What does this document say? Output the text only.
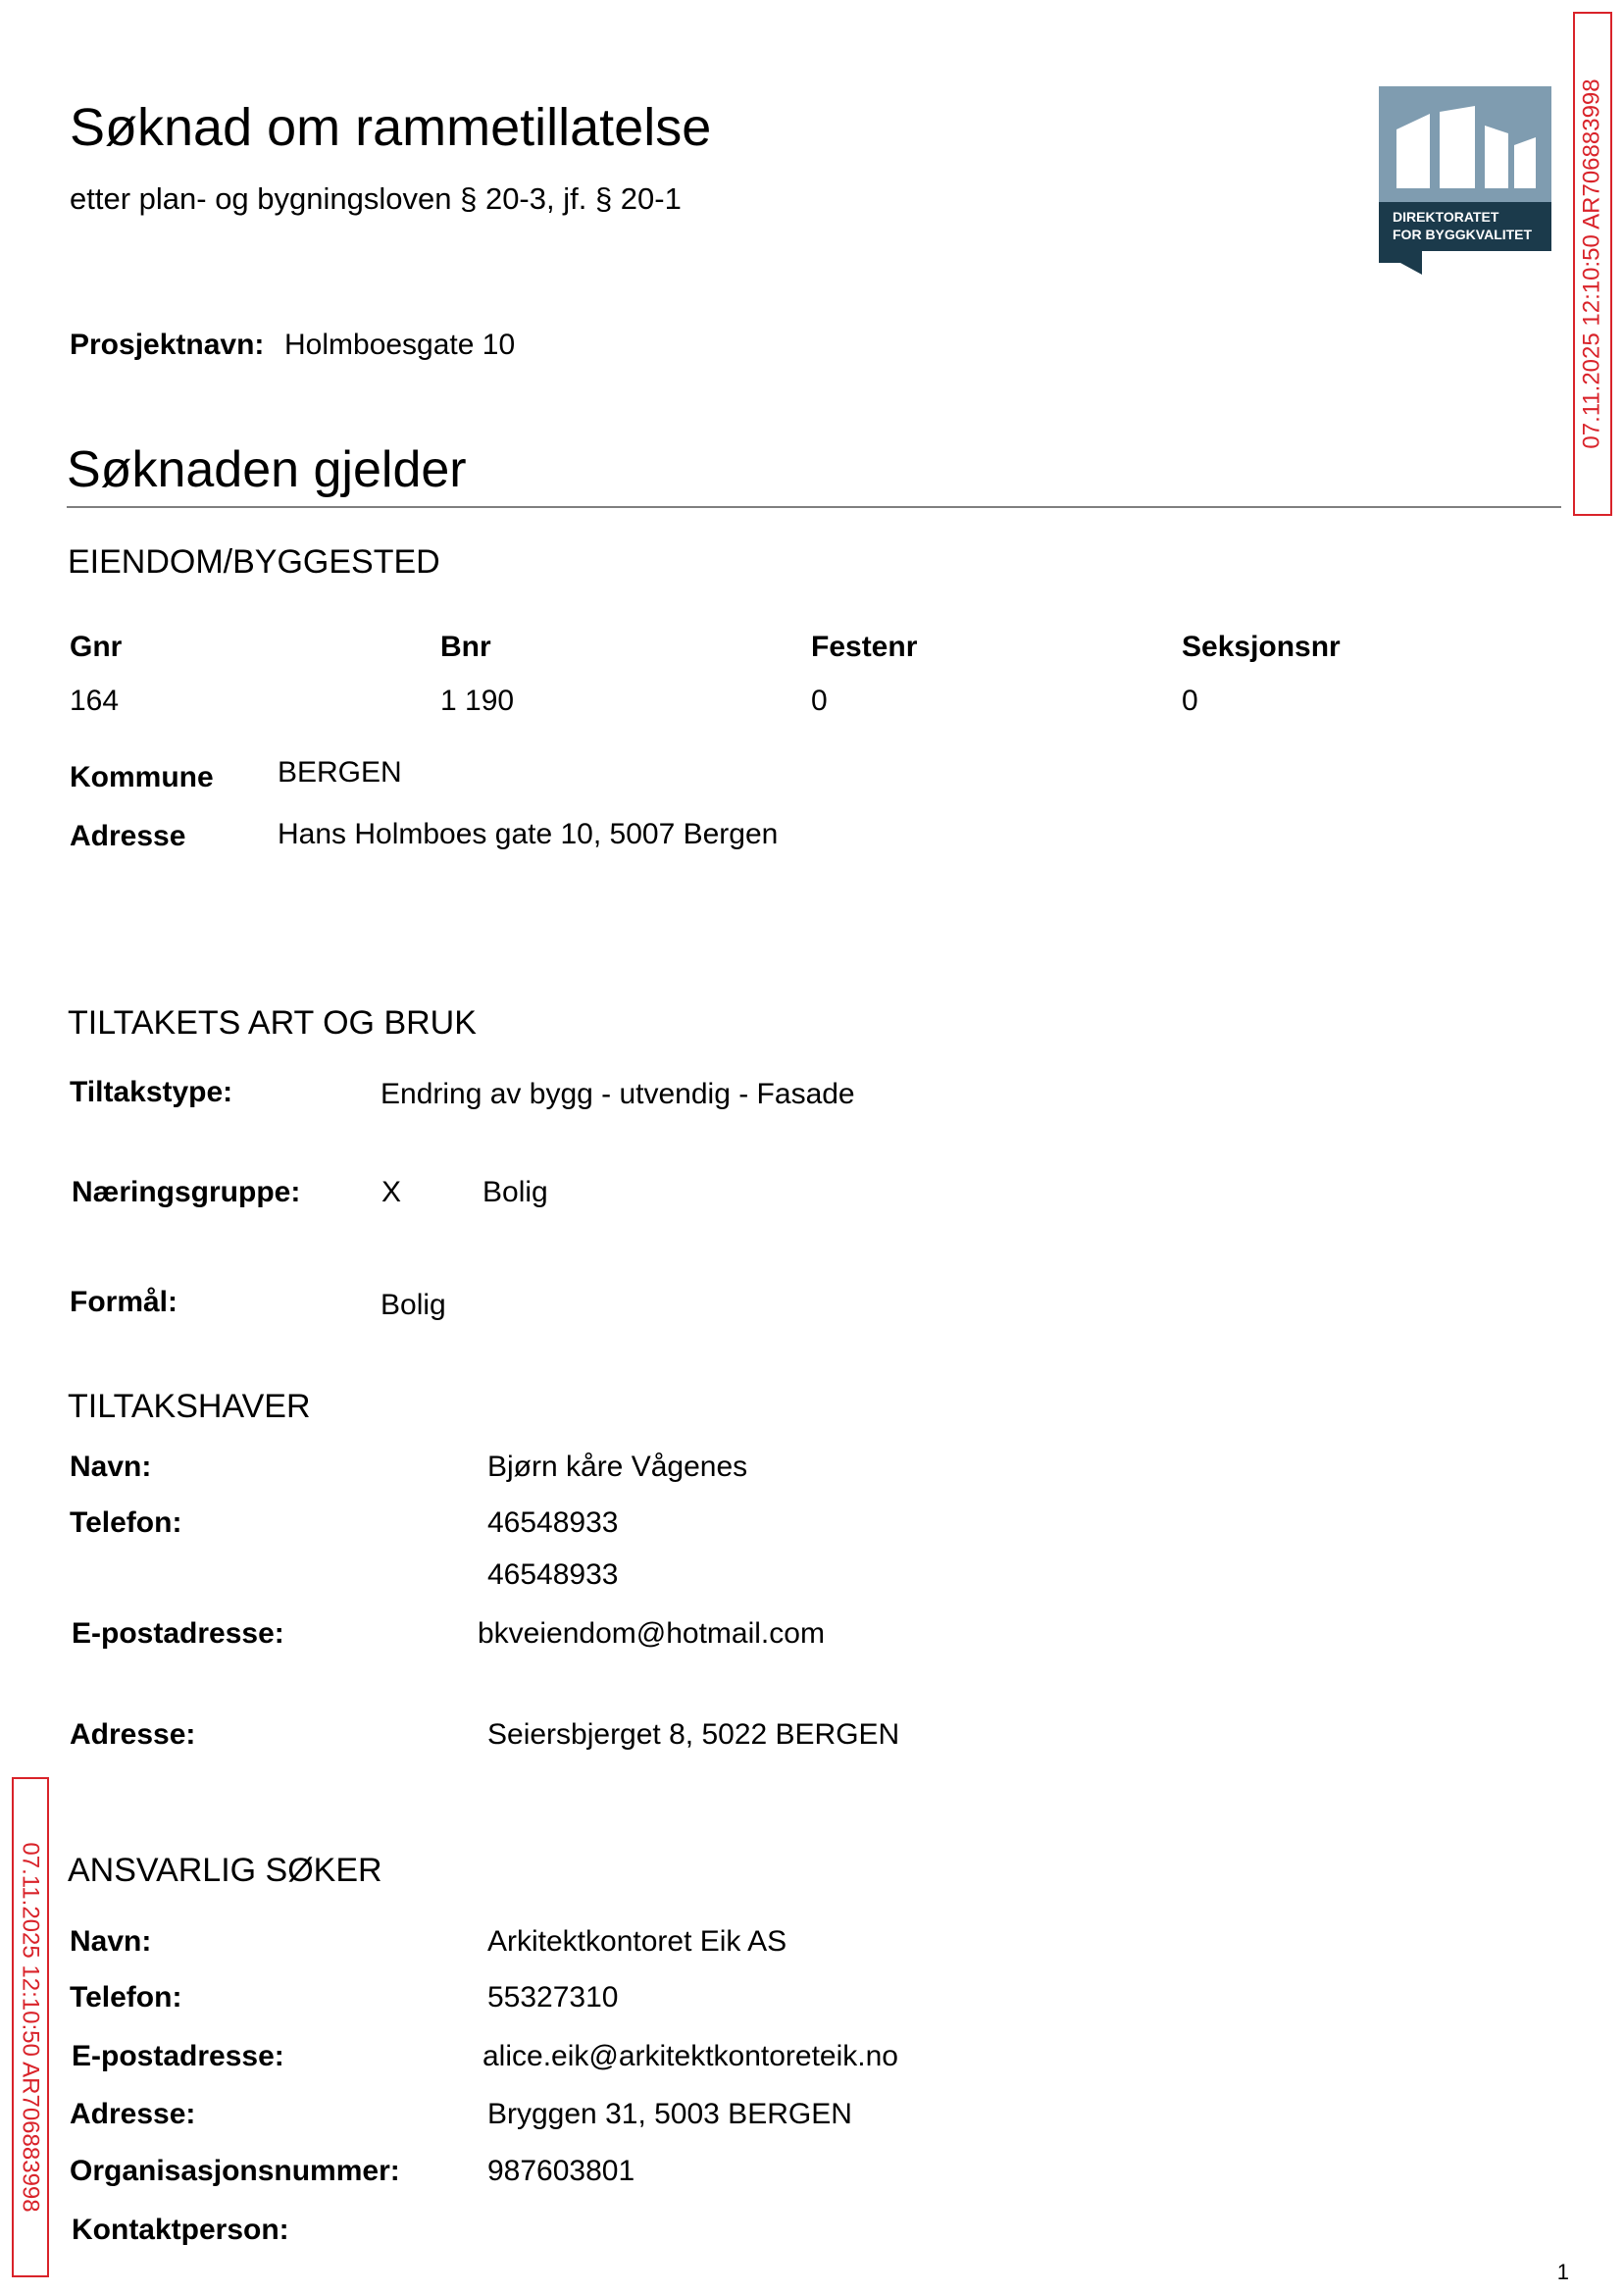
Søknad om rammetillatelse
etter plan- og bygningsloven § 20-3, jf. § 20-1
DIREKTORATET
FOR BYGGKVALITET 07.11.2025 12:10:50 AR706883998
07.11.2025 12:10:50 AR706883998
Prosjektnavn: Holmboesgate 10
Søknaden gjelder
EIENDOM/BYGGESTED
Gnr	Bnr	Festenr	Seksjonsnr
164	1 190	0	0
Kommune BERGEN
Adresse	Hans Holmboes gate 10, 5007 Bergen
TILTAKETS ART OG BRUK
Tiltakstype:	Endring av bygg - utvendig - Fasade
Næringsgruppe:	X	Bolig
Formål:	Bolig
TILTAKSHAVER
Navn:	Bjørn kåre Vågenes
Telefon:	46548933
46548933
E-postadresse:	bkveiendom@hotmail.com
Adresse:	Seiersbjerget 8, 5022 BERGEN
ANSVARLIG SØKER
Navn:	Arkitektkontoret Eik AS
Telefon:	55327310
E-postadresse:	alice.eik@arkitektkontoreteik.no
Adresse:	Bryggen 31, 5003 BERGEN
Organisasjonsnummer:	987603801
Kontaktperson:
1
